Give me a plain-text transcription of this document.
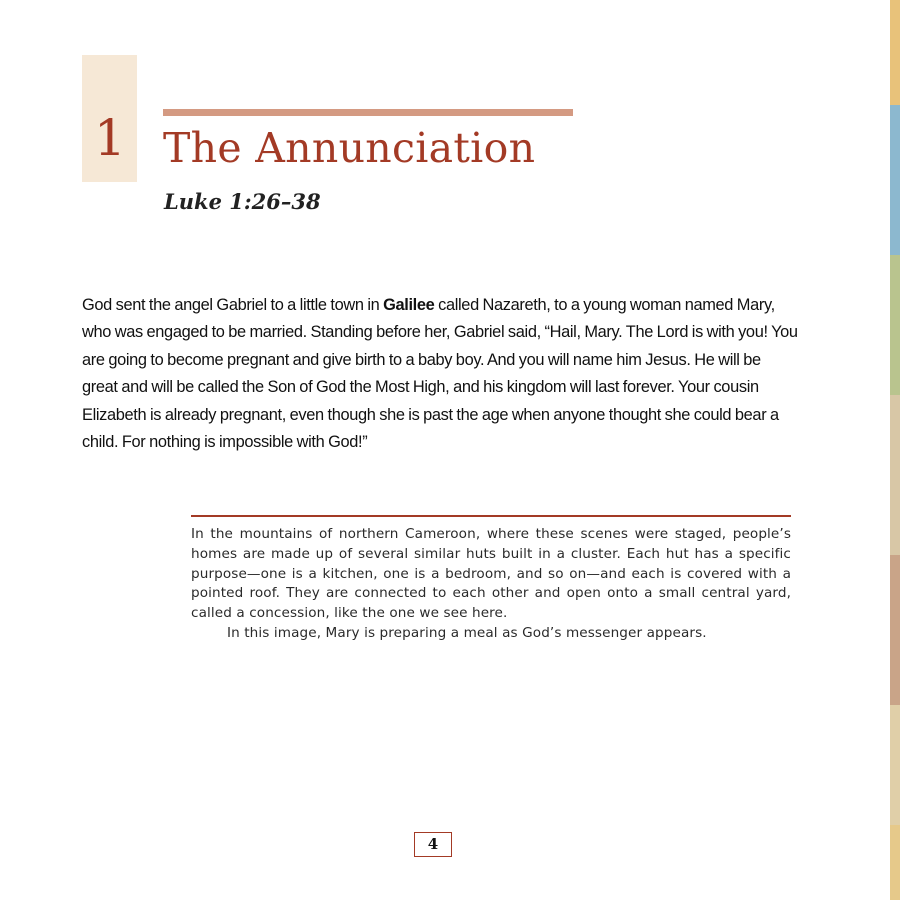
1 The Annunciation
Luke 1:26–38

God sent the angel Gabriel to a little town in Galilee called Nazareth, to a young woman named Mary, who was engaged to be married. Standing before her, Gabriel said, “Hail, Mary. The Lord is with you! You are going to become pregnant and give birth to a baby boy. And you will name him Jesus. He will be great and will be called the Son of God the Most High, and his kingdom will last forever. Your cousin Elizabeth is already pregnant, even though she is past the age when anyone thought she could bear a child. For nothing is impossible with God!”

In the mountains of northern Cameroon, where these scenes were staged, people’s homes are made up of several similar huts built in a cluster. Each hut has a specific purpose—one is a kitchen, one is a bedroom, and so on—and each is covered with a pointed roof. They are connected to each other and open onto a small central yard, called a concession, like the one we see here.

In this image, Mary is preparing a meal as God’s messenger appears.

4
